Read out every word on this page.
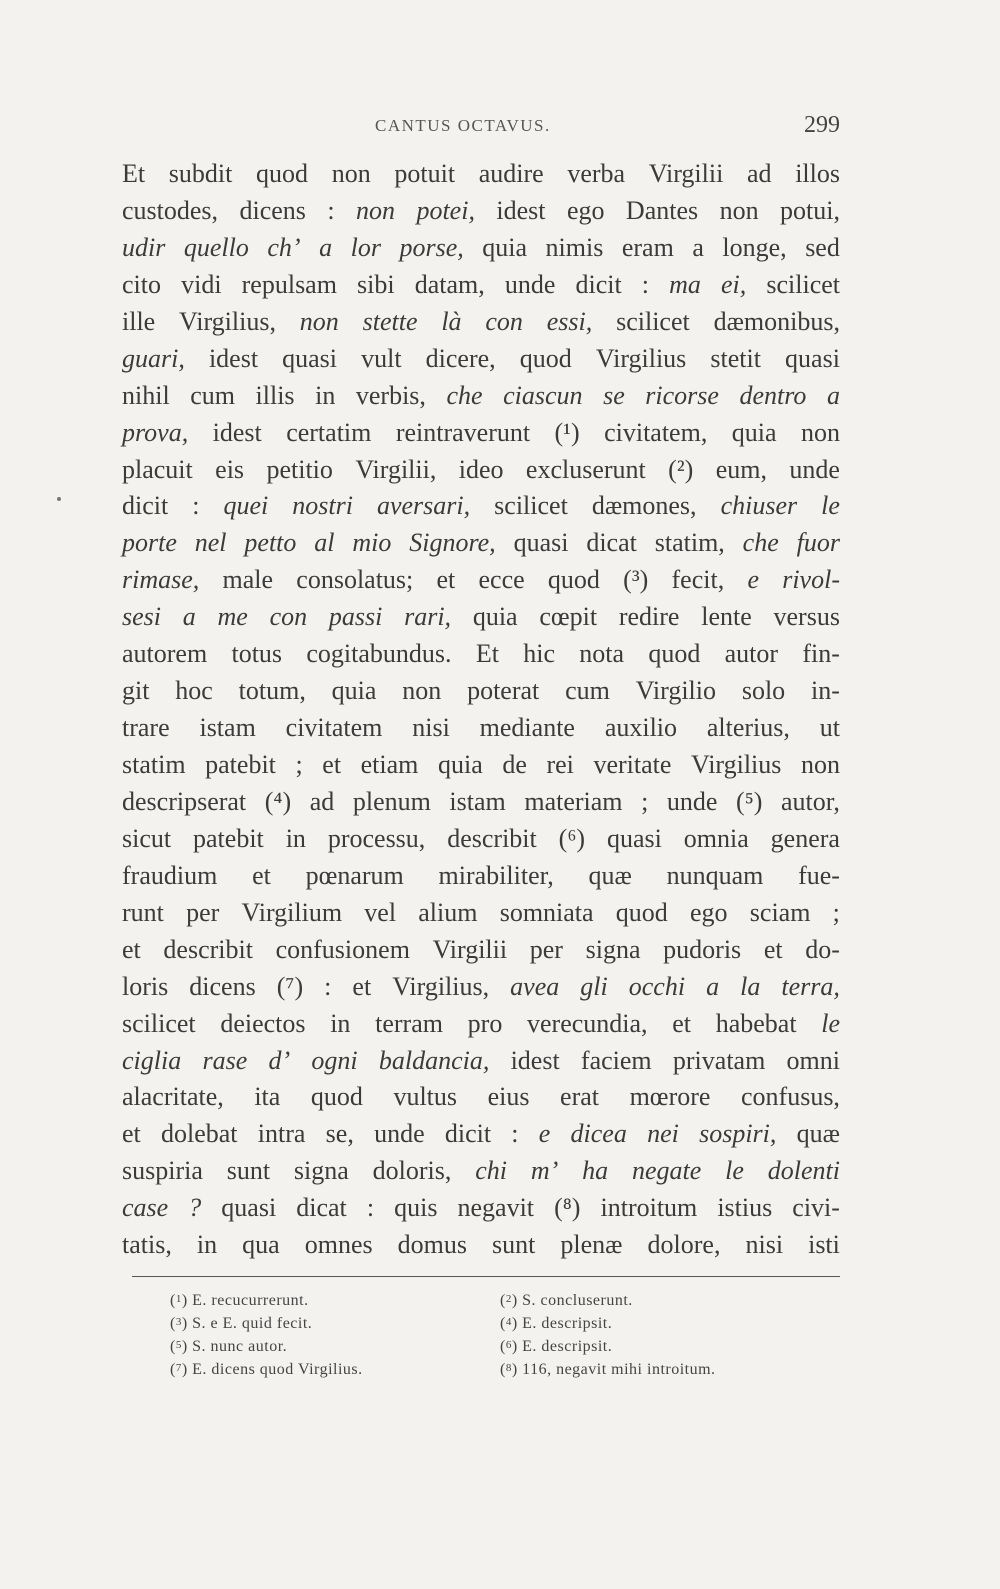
CANTUS OCTAVUS.	299
Et subdit quod non potuit audire verba Virgilii ad illos
custodes, dicens : non potei, idest ego Dantes non potui,
udir quello ch’ a lor porse, quia nimis eram a longe, sed
cito vidi repulsam sibi datam, unde dicit : ma ei, scilicet
ille Virgilius, non stette là con essi, scilicet dæmonibus,
guari, idest quasi vult dicere, quod Virgilius stetit quasi
nihil cum illis in verbis, che ciascun se ricorse dentro a
prova, idest certatim reintraverunt (¹) civitatem, quia non
placuit eis petitio Virgilii, ideo excluserunt (²) eum, unde
dicit : quei nostri aversari, scilicet dæmones, chiuser le
porte nel petto al mio Signore, quasi dicat statim, che fuor
rimase, male consolatus; et ecce quod (³) fecit, e rivol-
sesi a me con passi rari, quia cœpit redire lente versus
autorem totus cogitabundus. Et hic nota quod autor fin-
git hoc totum, quia non poterat cum Virgilio solo in-
trare istam civitatem nisi mediante auxilio alterius, ut
statim patebit ; et etiam quia de rei veritate Virgilius non
descripserat (⁴) ad plenum istam materiam ; unde (⁵) autor,
sicut patebit in processu, describit (⁶) quasi omnia genera
fraudium et pœnarum mirabiliter, quæ nunquam fue-
runt per Virgilium vel alium somniata quod ego sciam ;
et describit confusionem Virgilii per signa pudoris et do-
loris dicens (⁷) : et Virgilius, avea gli occhi a la terra,
scilicet deiectos in terram pro verecundia, et habebat le
ciglia rase d’ ogni baldancia, idest faciem privatam omni
alacritate, ita quod vultus eius erat mœrore confusus,
et dolebat intra se, unde dicit : e dicea nei sospiri, quæ
suspiria sunt signa doloris, chi m’ ha negate le dolenti
case ? quasi dicat : quis negavit (⁸) introitum istius civi-
tatis, in qua omnes domus sunt plenæ dolore, nisi isti
(1) E. recucurrerunt.	(2) S. concluserunt.
(3) S. e E. quid fecit.	(4) E. descripsit.
(5) S. nunc autor.	(6) E. descripsit.
(7) E. dicens quod Virgilius.	(8) 116, negavit mihi introitum.
